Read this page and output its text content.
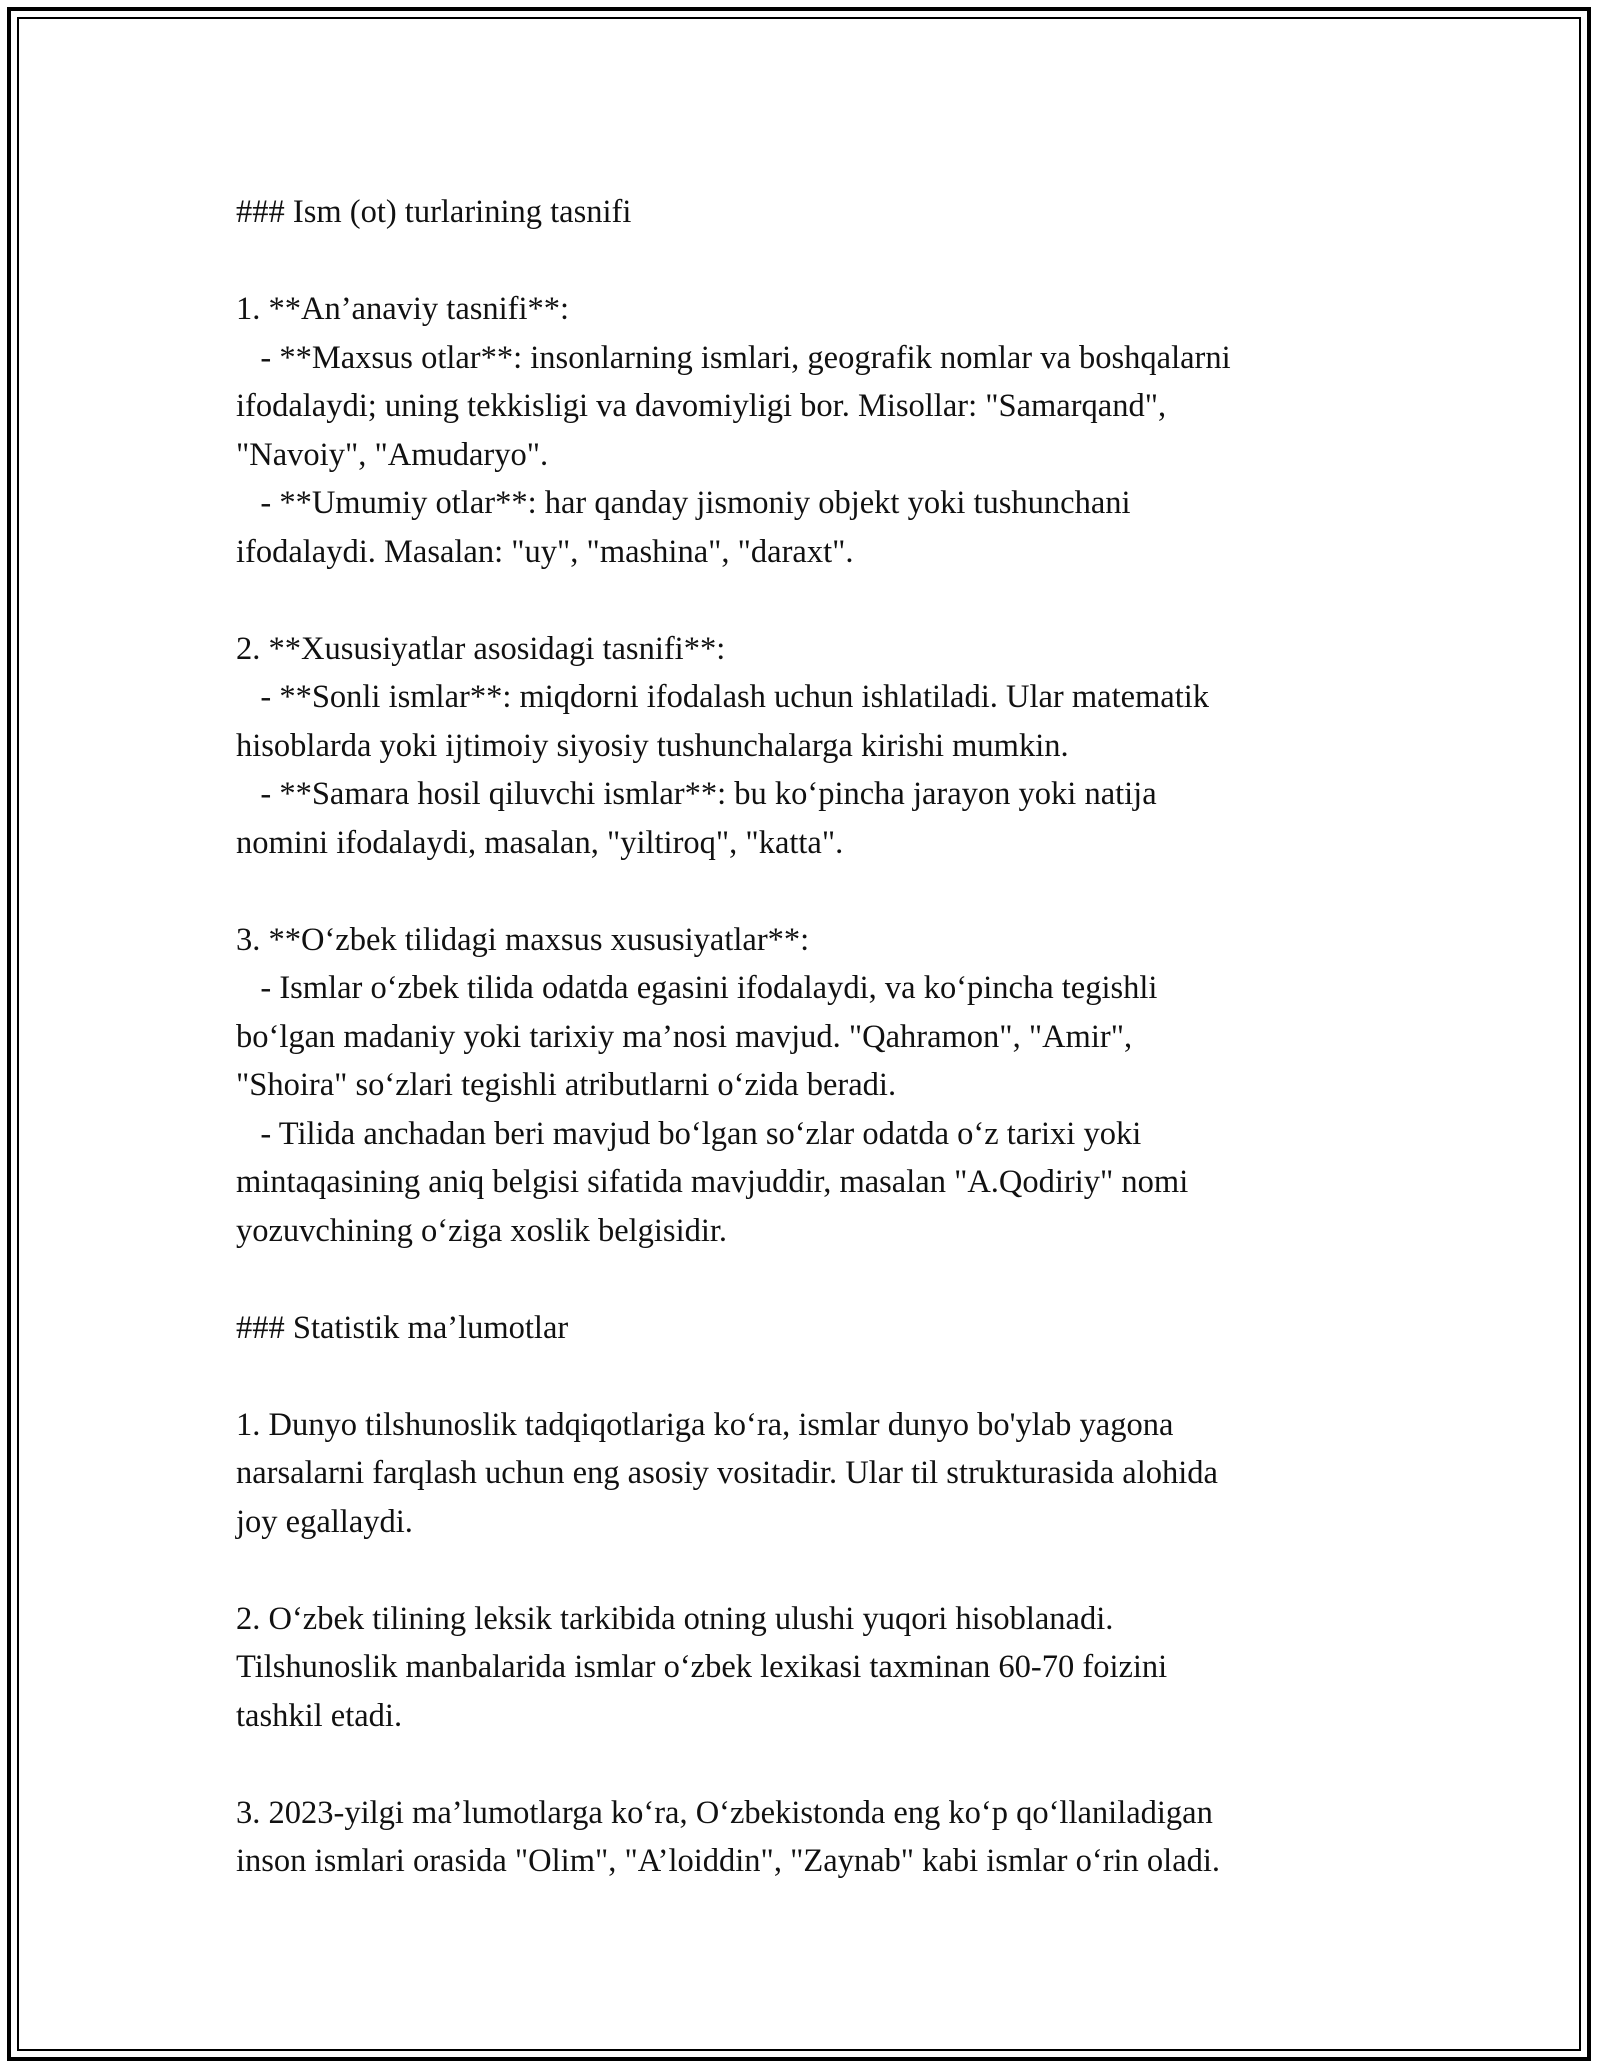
### Ism (ot) turlarining tasnifi
1. **An’anaviy tasnifi**:
- **Maxsus otlar**: insonlarning ismlari, geografik nomlar va boshqalarni
ifodalaydi; uning tekkisligi va davomiyligi bor. Misollar: "Samarqand",
"Navoiy", "Amudaryo".
- **Umumiy otlar**: har qanday jismoniy objekt yoki tushunchani
ifodalaydi. Masalan: "uy", "mashina", "daraxt".
2. **Xususiyatlar asosidagi tasnifi**:
- **Sonli ismlar**: miqdorni ifodalash uchun ishlatiladi. Ular matematik
hisoblarda yoki ijtimoiy siyosiy tushunchalarga kirishi mumkin.
- **Samara hosil qiluvchi ismlar**: bu ko‘pincha jarayon yoki natija
nomini ifodalaydi, masalan, "yiltiroq", "katta".
3. **O‘zbek tilidagi maxsus xususiyatlar**:
- Ismlar o‘zbek tilida odatda egasini ifodalaydi, va ko‘pincha tegishli
bo‘lgan madaniy yoki tarixiy ma’nosi mavjud. "Qahramon", "Amir",
"Shoira" so‘zlari tegishli atributlarni o‘zida beradi.
- Tilida anchadan beri mavjud bo‘lgan so‘zlar odatda o‘z tarixi yoki
mintaqasining aniq belgisi sifatida mavjuddir, masalan "A.Qodiriy" nomi
yozuvchining o‘ziga xoslik belgisidir.
### Statistik ma’lumotlar
1. Dunyo tilshunoslik tadqiqotlariga ko‘ra, ismlar dunyo bo'ylab yagona
narsalarni farqlash uchun eng asosiy vositadir. Ular til strukturasida alohida
joy egallaydi.
2. O‘zbek tilining leksik tarkibida otning ulushi yuqori hisoblanadi.
Tilshunoslik manbalarida ismlar o‘zbek lexikasi taxminan 60-70 foizini
tashkil etadi.
3. 2023-yilgi ma’lumotlarga ko‘ra, O‘zbekistonda eng ko‘p qo‘llaniladigan
inson ismlari orasida "Olim", "A’loiddin", "Zaynab" kabi ismlar o‘rin oladi.
